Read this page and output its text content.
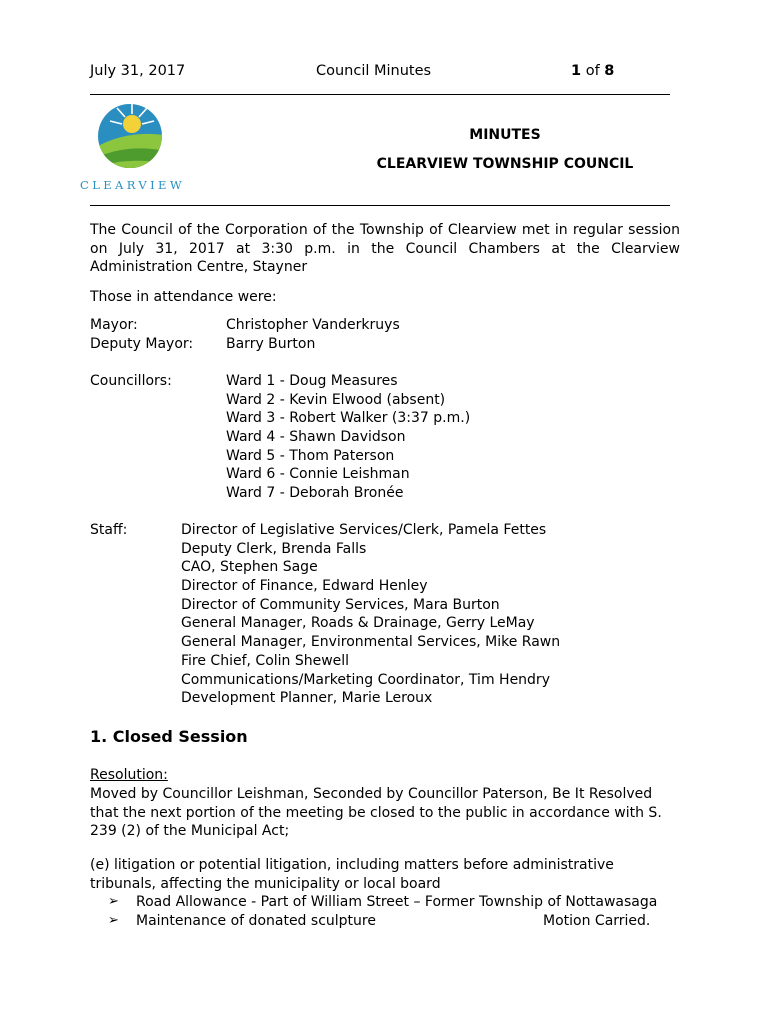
July 31, 2017	Council Minutes	1 of 8
CLEARVIEW
MINUTES
CLEARVIEW TOWNSHIP COUNCIL
The Council of the Corporation of the Township of Clearview met in regular session on July 31, 2017 at 3:30 p.m. in the Council Chambers at the Clearview Administration Centre, Stayner
Those in attendance were:
Mayor:	Christopher Vanderkruys
Deputy Mayor: Barry Burton
Councillors:	Ward 1 - Doug Measures
Ward 2 - Kevin Elwood (absent)
Ward 3 - Robert Walker (3:37 p.m.)
Ward 4 - Shawn Davidson
Ward 5 - Thom Paterson
Ward 6 - Connie Leishman
Ward 7 - Deborah Bronée
Staff:	Director of Legislative Services/Clerk, Pamela Fettes
Deputy Clerk, Brenda Falls
CAO, Stephen Sage
Director of Finance, Edward Henley
Director of Community Services, Mara Burton
General Manager, Roads & Drainage, Gerry LeMay
General Manager, Environmental Services, Mike Rawn
Fire Chief, Colin Shewell
Communications/Marketing Coordinator, Tim Hendry
Development Planner, Marie Leroux
1. Closed Session
Resolution:
Moved by Councillor Leishman, Seconded by Councillor Paterson, Be It Resolved
that the next portion of the meeting be closed to the public in accordance with S.
239 (2) of the Municipal Act;
(e) litigation or potential litigation, including matters before administrative
tribunals, affecting the municipality or local board
➢ Road Allowance - Part of William Street – Former Township of Nottawasaga
➢ Maintenance of donated sculpture	Motion Carried.
